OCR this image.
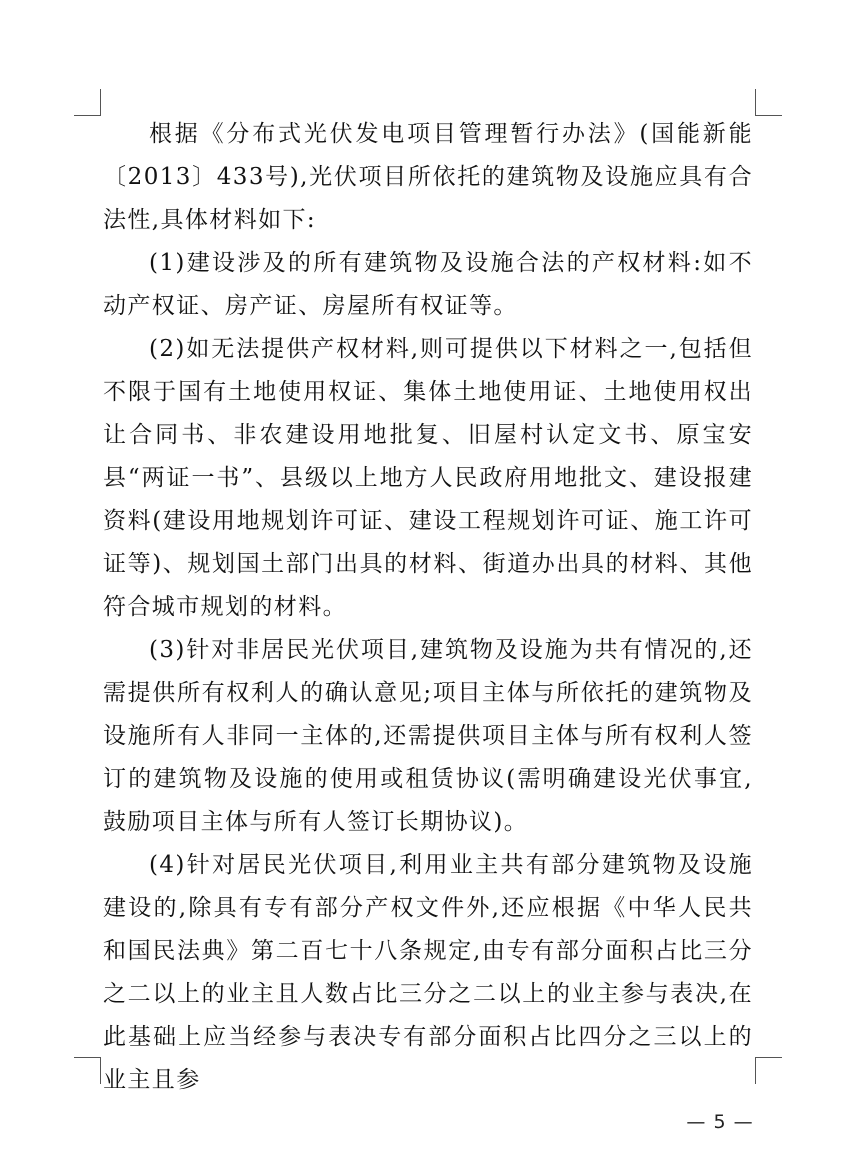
根据《分布式光伏发电项目管理暂行办法》(国能新能〔2013〕433号),光伏项目所依托的建筑物及设施应具有合法性,具体材料如下:

(1)建设涉及的所有建筑物及设施合法的产权材料:如不动产权证、房产证、房屋所有权证等。

(2)如无法提供产权材料,则可提供以下材料之一,包括但不限于国有土地使用权证、集体土地使用证、土地使用权出让合同书、非农建设用地批复、旧屋村认定文书、原宝安县“两证一书”、县级以上地方人民政府用地批文、建设报建资料(建设用地规划许可证、建设工程规划许可证、施工许可证等)、规划国土部门出具的材料、街道办出具的材料、其他符合城市规划的材料。

(3)针对非居民光伏项目,建筑物及设施为共有情况的,还需提供所有权利人的确认意见;项目主体与所依托的建筑物及设施所有人非同一主体的,还需提供项目主体与所有权利人签订的建筑物及设施的使用或租赁协议(需明确建设光伏事宜,鼓励项目主体与所有人签订长期协议)。

(4)针对居民光伏项目,利用业主共有部分建筑物及设施建设的,除具有专有部分产权文件外,还应根据《中华人民共和国民法典》第二百七十八条规定,由专有部分面积占比三分之二以上的业主且人数占比三分之二以上的业主参与表决,在此基础上应当经参与表决专有部分面积占比四分之三以上的业主且参

— 5 —
